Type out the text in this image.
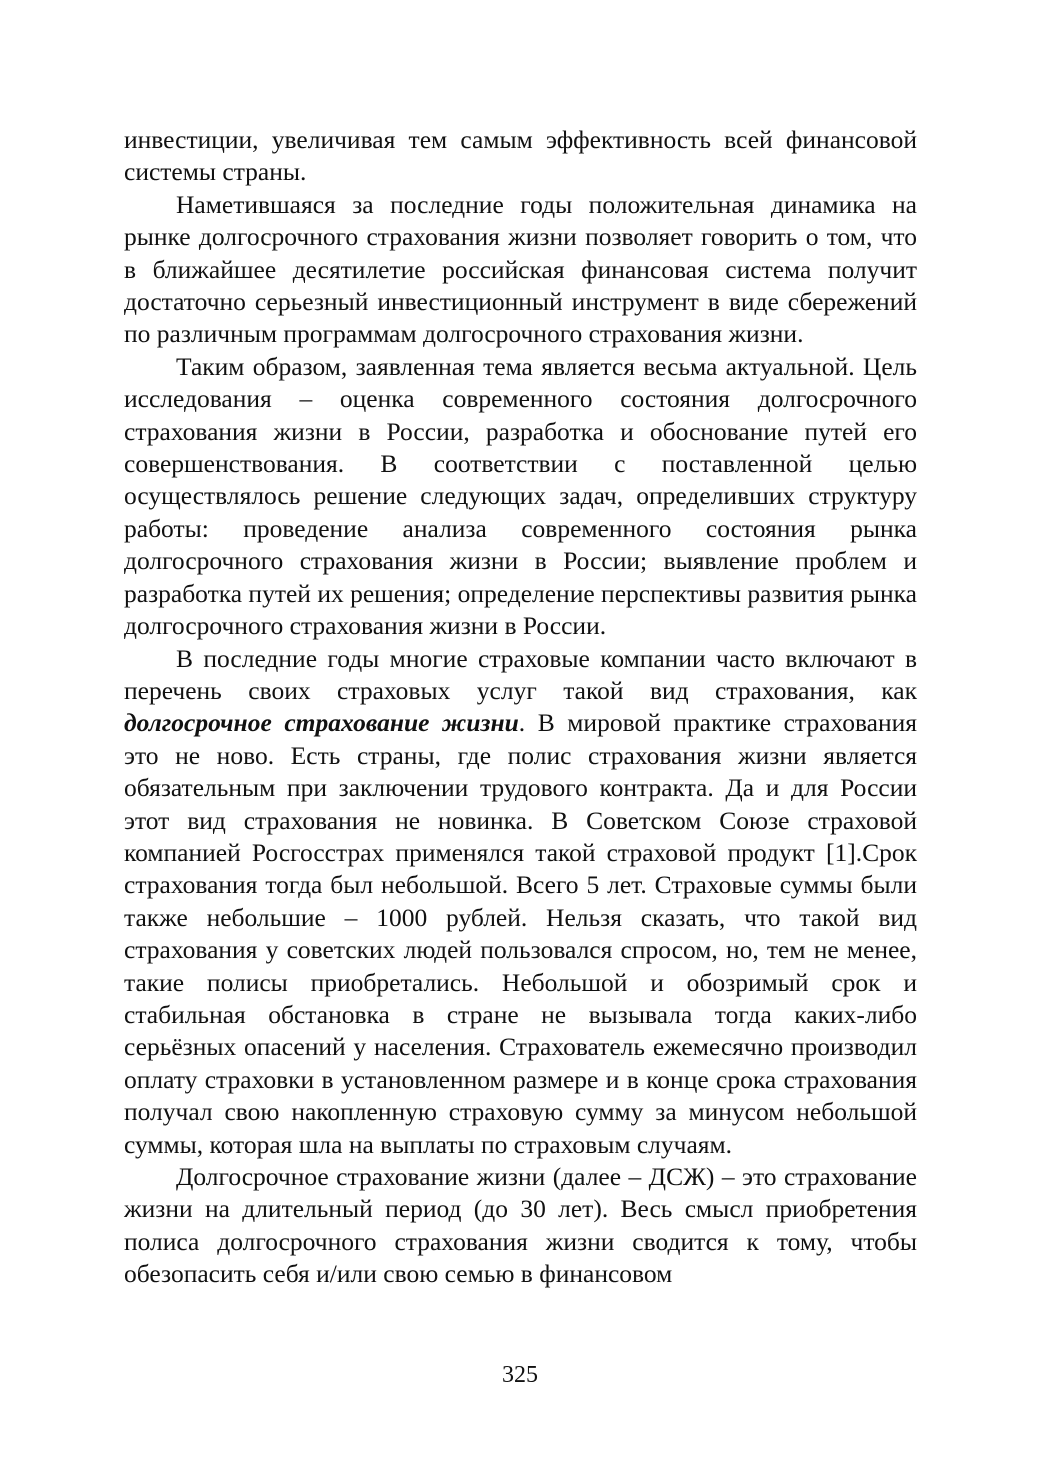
инвестиции, увеличивая тем самым эффективность всей финансовой системы страны.

Наметившаяся за последние годы положительная динамика на рынке долгосрочного страхования жизни позволяет говорить о том, что в ближайшее десятилетие российская финансовая система получит достаточно серьезный инвестиционный инструмент в виде сбережений по различным программам долгосрочного страхования жизни.

Таким образом, заявленная тема является весьма актуальной. Цель исследования – оценка современного состояния долгосрочного страхования жизни в России, разработка и обоснование путей его совершенствования. В соответствии с поставленной целью осуществлялось решение следующих задач, определивших структуру работы: проведение анализа современного состояния рынка долгосрочного страхования жизни в России; выявление проблем и разработка путей их решения; определение перспективы развития рынка долгосрочного страхования жизни в России.

В последние годы многие страховые компании часто включают в перечень своих страховых услуг такой вид страхования, как долгосрочное страхование жизни. В мировой практике страхования это не ново. Есть страны, где полис страхования жизни является обязательным при заключении трудового контракта. Да и для России этот вид страхования не новинка. В Советском Союзе страховой компанией Росгосстрах применялся такой страховой продукт [1].Срок страхования тогда был небольшой. Всего 5 лет. Страховые суммы были также небольшие – 1000 рублей. Нельзя сказать, что такой вид страхования у советских людей пользовался спросом, но, тем не менее, такие полисы приобретались. Небольшой и обозримый срок и стабильная обстановка в стране не вызывала тогда каких-либо серьёзных опасений у населения. Страхователь ежемесячно производил оплату страховки в установленном размере и в конце срока страхования получал свою накопленную страховую сумму за минусом небольшой суммы, которая шла на выплаты по страховым случаям.

Долгосрочное страхование жизни (далее – ДСЖ) – это страхование жизни на длительный период (до 30 лет). Весь смысл приобретения полиса долгосрочного страхования жизни сводится к тому, чтобы обезопасить себя и/или свою семью в финансовом

325
